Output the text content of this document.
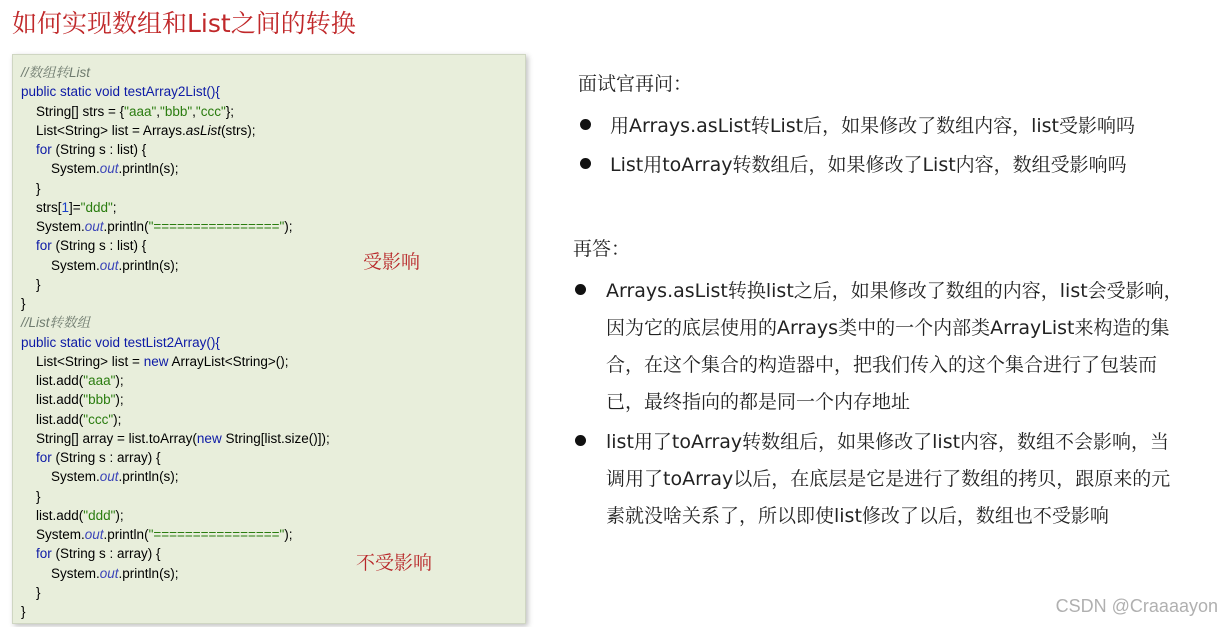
如何实现数组和List之间的转换
受影响
不受影响
//数组转List
public static void testArray2List(){
String[] strs = {"aaa","bbb","ccc"};
List<String> list = Arrays.asList(strs);
for (String s : list) {
System.out.println(s);
}
strs[1]="ddd";
System.out.println("================");
for (String s : list) {
System.out.println(s);
}
}
//List转数组
public static void testList2Array(){
List<String> list = new ArrayList<String>();
list.add("aaa");
list.add("bbb");
list.add("ccc");
String[] array = list.toArray(new String[list.size()]);
for (String s : array) {
System.out.println(s);
}
list.add("ddd");
System.out.println("================");
for (String s : array) {
System.out.println(s);
}
}
面试官再问：
用Arrays.asList转List后，如果修改了数组内容，list受影响吗
List用toArray转数组后，如果修改了List内容，数组受影响吗
再答：
Arrays.asList转换list之后，如果修改了数组的内容，list会受影响，
因为它的底层使用的Arrays类中的一个内部类ArrayList来构造的集
合，在这个集合的构造器中，把我们传入的这个集合进行了包装而
已，最终指向的都是同一个内存地址
list用了toArray转数组后，如果修改了list内容，数组不会影响，当
调用了toArray以后，在底层是它是进行了数组的拷贝，跟原来的元
素就没啥关系了，所以即使list修改了以后，数组也不受影响
CSDN @Craaaayon
